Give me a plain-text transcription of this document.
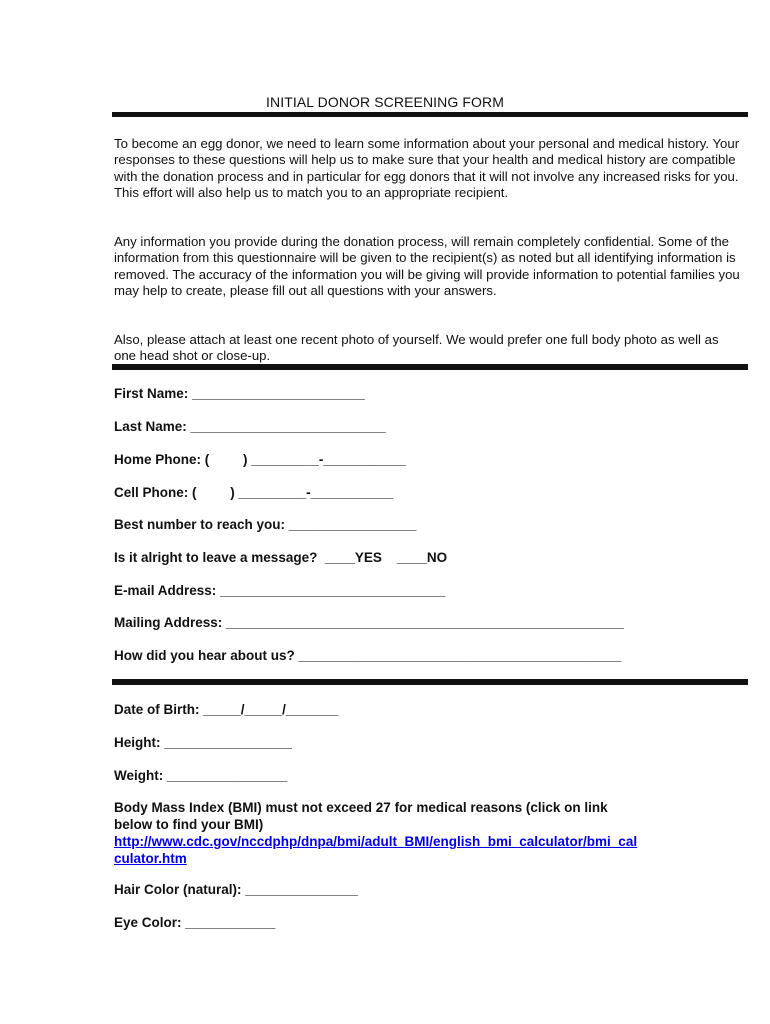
INITIAL DONOR SCREENING FORM

To become an egg donor, we need to learn some information about your personal and medical history. Your responses to these questions will help us to make sure that your health and medical history are compatible with the donation process and in particular for egg donors that it will not involve any increased risks for you. This effort will also help us to match you to an appropriate recipient.

Any information you provide during the donation process, will remain completely confidential. Some of the information from this questionnaire will be given to the recipient(s) as noted but all identifying information is removed. The accuracy of the information you will be giving will provide information to potential families you may help to create, please fill out all questions with your answers.

Also, please attach at least one recent photo of yourself. We would prefer one full body photo as well as one head shot or close-up.

First Name: _______________________
Last Name: __________________________
Home Phone: (         ) _________-___________
Cell Phone: (         ) _________-___________
Best number to reach you: _________________
Is it alright to leave a message?  ____YES    ____NO
E-mail Address: ______________________________
Mailing Address: _____________________________________________________
How did you hear about us? ___________________________________________
Date of Birth: _____/_____/_______
Height: _________________
Weight: ________________
Body Mass Index (BMI) must not exceed 27 for medical reasons (click on link
below to find your BMI)
http://www.cdc.gov/nccdphp/dnpa/bmi/adult_BMI/english_bmi_calculator/bmi_cal
culator.htm
Hair Color (natural): _______________
Eye Color: ____________
